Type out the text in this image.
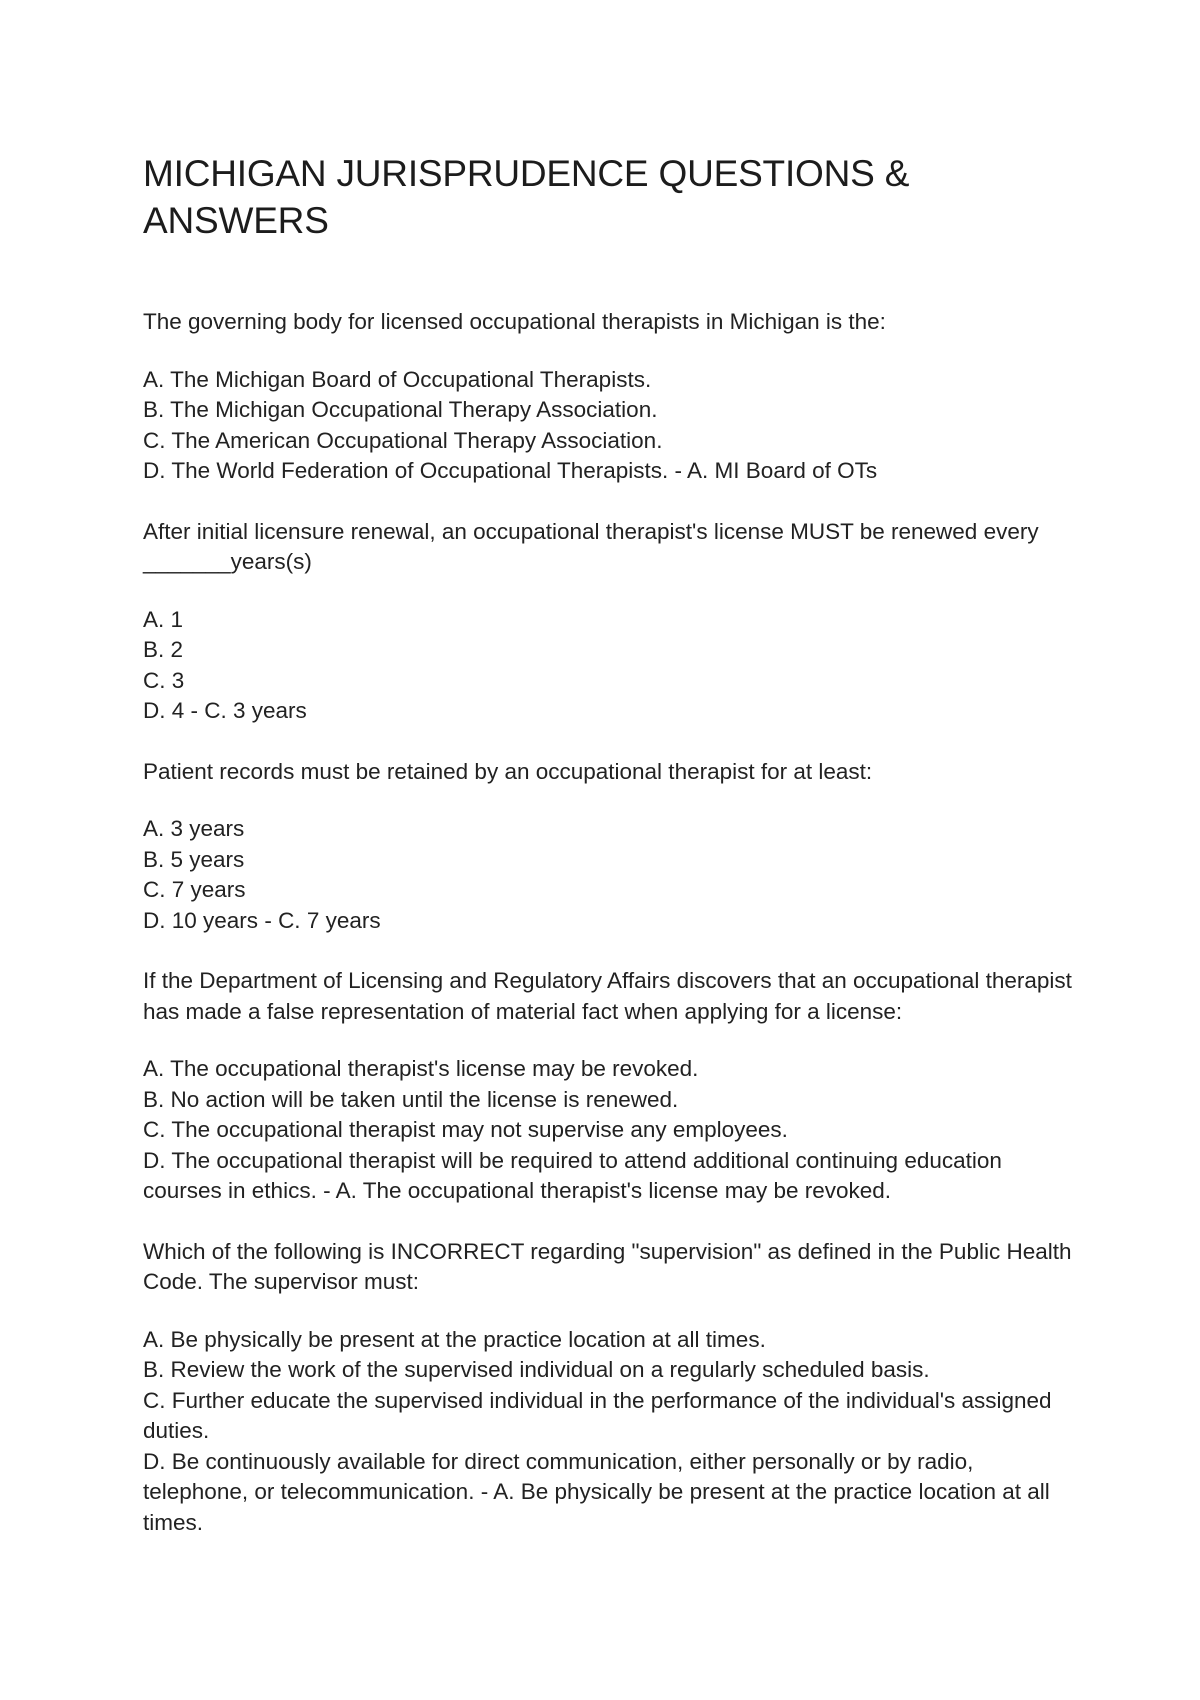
MICHIGAN JURISPRUDENCE QUESTIONS & ANSWERS

The governing body for licensed occupational therapists in Michigan is the:

A. The Michigan Board of Occupational Therapists.

B. The Michigan Occupational Therapy Association.

C. The American Occupational Therapy Association.

D. The World Federation of Occupational Therapists. - A. MI Board of OTs

After initial licensure renewal, an occupational therapist's license MUST be renewed every _______years(s)

A. 1

B. 2

C. 3

D. 4 - C. 3 years

Patient records must be retained by an occupational therapist for at least:

A. 3 years

B. 5 years

C. 7 years

D. 10 years - C. 7 years

If the Department of Licensing and Regulatory Affairs discovers that an occupational therapist has made a false representation of material fact when applying for a license:

A. The occupational therapist's license may be revoked.

B. No action will be taken until the license is renewed.

C. The occupational therapist may not supervise any employees.

D. The occupational therapist will be required to attend additional continuing education courses in ethics. - A. The occupational therapist's license may be revoked.

Which of the following is INCORRECT regarding "supervision" as defined in the Public Health Code. The supervisor must:

A. Be physically be present at the practice location at all times.

B. Review the work of the supervised individual on a regularly scheduled basis.

C. Further educate the supervised individual in the performance of the individual's assigned duties.

D. Be continuously available for direct communication, either personally or by radio, telephone, or telecommunication. - A. Be physically be present at the practice location at all times.
